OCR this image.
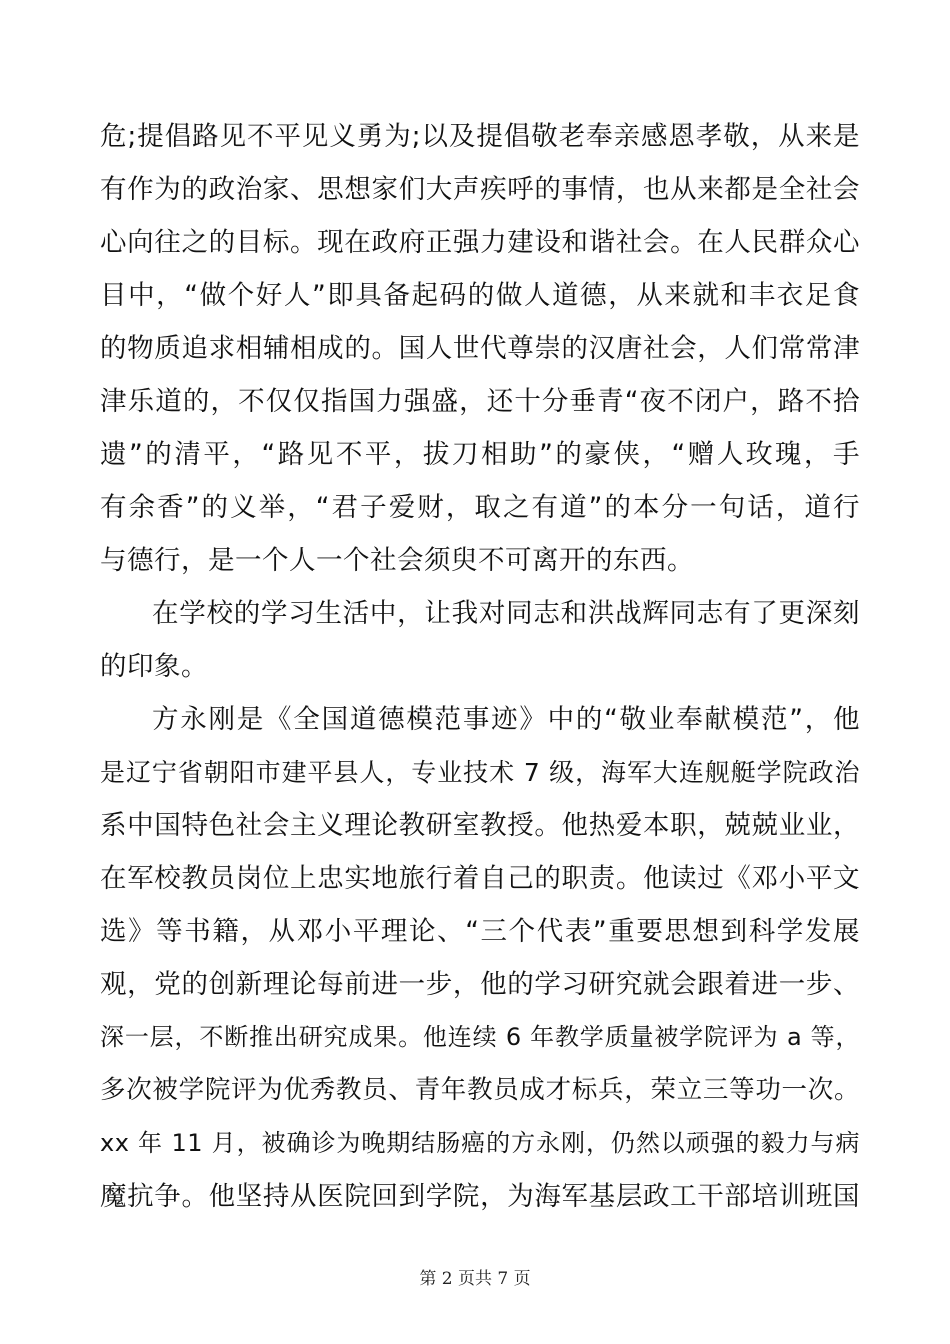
危;提倡路见不平见义勇为;以及提倡敬老奉亲感恩孝敬，从来是
有作为的政治家、思想家们大声疾呼的事情，也从来都是全社会
心向往之的目标。现在政府正强力建设和谐社会。在人民群众心
目中，“做个好人”即具备起码的做人道德，从来就和丰衣足食
的物质追求相辅相成的。国人世代尊崇的汉唐社会，人们常常津
津乐道的，不仅仅指国力强盛，还十分垂青“夜不闭户，路不拾
遗”的清平，“路见不平，拔刀相助”的豪侠，“赠人玫瑰，手
有余香”的义举，“君子爱财，取之有道”的本分一句话，道行
与德行，是一个人一个社会须臾不可离开的东西。
在学校的学习生活中，让我对同志和洪战辉同志有了更深刻
的印象。
方永刚是《全国道德模范事迹》中的“敬业奉献模范”，他
是辽宁省朝阳市建平县人，专业技术 7 级，海军大连舰艇学院政治
系中国特色社会主义理论教研室教授。他热爱本职，兢兢业业，
在军校教员岗位上忠实地旅行着自己的职责。他读过《邓小平文
选》等书籍，从邓小平理论、“三个代表”重要思想到科学发展
观，党的创新理论每前进一步，他的学习研究就会跟着进一步、
深一层，不断推出研究成果。他连续 6 年教学质量被学院评为 a 等，
多次被学院评为优秀教员、青年教员成才标兵，荣立三等功一次。
xx 年 11 月，被确诊为晚期结肠癌的方永刚，仍然以顽强的毅力与病
魔抗争。他坚持从医院回到学院，为海军基层政工干部培训班国
第 2 页共 7 页
